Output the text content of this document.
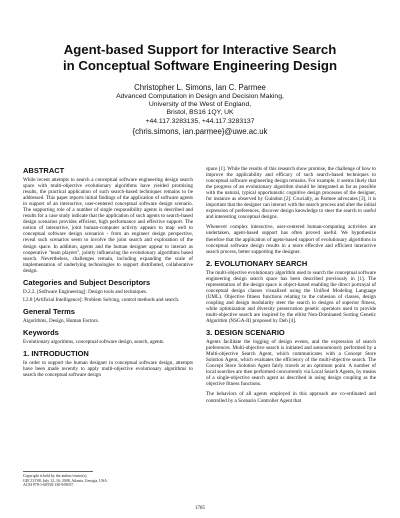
Agent-based Support for Interactive Search
in Conceptual Software Engineering Design
Christopher L. Simons, Ian C. Parmee
Advanced Computation in Design and Decision Making,
University of the West of England,
Bristol, BS16 1QY, UK
+44.117.3283135, +44.117.3283137
{chris.simons, ian.parmee}@uwe.ac.uk
ABSTRACT

While recent attempts to search a conceptual software engineering design search space with multi-objective evolutionary algorithms have yielded promising results, the practical application of such search-based techniques remains to be addressed. This paper reports initial findings of the application of software agents in support of an interactive, user-centered conceptual software design scenario. The supporting role of a number of single responsibility agents is described and results for a case study indicate that the application of such agents to search-based design scenarios provides efficient, high performance and effective support. The notion of interactive, joint human-computer activity appears to map well to conceptual software design scenarios - from an engineer design perspective, reveal such scenarios seem to involve the joint search and exploration of the design space. In addition, agents and the human designer appear to interact as cooperative "team players", jointly influencing the evolutionary algorithms based search. Nevertheless, challenges remain, including expanding the scale of implementation of underlying technologies to support distributed, collaborative design.

Categories and Subject Descriptors

D.2.2. [Software Engineering]: Design tools and techniques.

I.2.8 [Artificial Intelligence]: Problem Solving, control methods and search.

General Terms

Algorithms, Design, Human Factors.

Keywords

Evolutionary algorithms, conceptual software design, search, agents.

1. INTRODUCTION

In order to support the human designer in conceptual software design, attempts have been made recently to apply multi-objective evolutionary algorithms to search the conceptual software design

Copyright is held by the author/owner(s).
GECCO'08, July 12–16, 2008, Atlanta, Georgia, USA.
ACM 978-1-60558-130-9/08/07.

space [1]. While the results of this research show promise, the challenge of how to improve the applicability and efficacy of such search-based techniques to conceptual software engineering design remains. For example, it seems likely that the progress of an evolutionary algorithm should be integrated as far as possible with the natural, typical opportunistic cognitive design processes of the designer, for instance as observed by Guindon [2]. Crucially, as Parmee advocates [3], it is important that the designer can interact with the search process and alter the initial expression of preferences, discover design knowledge to steer the search to useful and interesting conceptual designs.

Whenever complex interactive, user-centered human-computing activities are undertaken, agent-based support has often proved useful. We hypothesize therefore that the application of agent-based support of evolutionary algorithms in conceptual software design results in a more effective and efficient interactive search process, better supporting the designer.

2. EVOLUTIONARY SEARCH

The multi-objective evolutionary algorithm used to search the conceptual software engineering design search space has been described previously in [1]. The representation of the design space is object-based enabling the direct portrayal of conceptual design classes visualized using the Unified Modeling Language (UML). Objective fitness functions relating to the cohesion of classes, design coupling and design modularity steer the search to designs of superior fitness, while optimization and diversity preservation genetic operators used to provide multi-objective search are inspired by the elitist Non-Dominated Sorting Genetic Algorithm (NSGA-II) proposed by Deb [4].

3. DESIGN SCENARIO

Agents facilitate the logging of design events, and the expression of search preferences. Multi-objective search is initiated and autonomously performed by a Multi-objective Search Agent, which communicates with a Concept Store Solution Agent, which evaluates the efficiency of the multi-objective search. The Concept Store Solution Agent fairly travels at an optimum point. A number of local searches are then performed concurrently via Local Search Agents, by means of a single-objective search agent as described in using design coupling as the objective fitness functions.

The behaviors of all agents employed in this approach are co-ordinated and controlled by a Scenario Controller Agent that

1785
